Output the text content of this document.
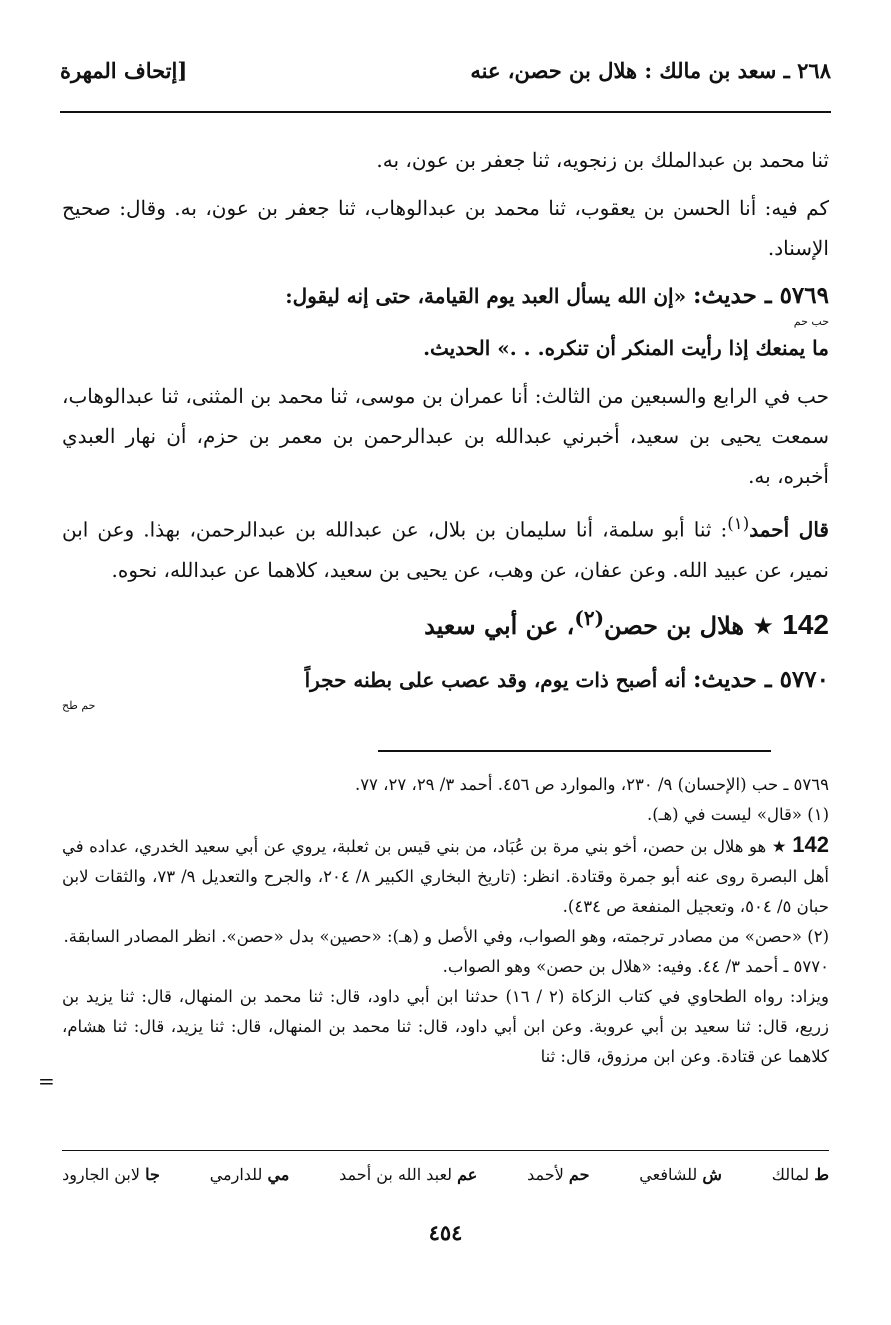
٢٦٨ ـ سعد بن مالك : هلال بن حصن، عنه
[إتحاف المهرة

ثنا محمد بن عبدالملك بن زنجويه، ثنا جعفر بن عون، به.

كم فيه: أنا الحسن بن يعقوب، ثنا محمد بن عبدالوهاب، ثنا جعفر بن عون، به. وقال: صحيح الإسناد.

٥٧٦٩ ـ حديث: «إن الله يسأل العبد يوم القيامة، حتى إنه ليقول:
حب حم
ما يمنعك إذا رأيت المنكر أن تنكره. . .» الحديث.

حب في الرابع والسبعين من الثالث: أنا عمران بن موسى، ثنا محمد بن المثنى، ثنا عبدالوهاب، سمعت يحيى بن سعيد، أخبرني عبدالله بن عبدالرحمن بن معمر بن حزم، أن نهار العبدي أخبره، به.

قال أحمد$^{(١)}$: ثنا أبو سلمة، أنا سليمان بن بلال، عن عبدالله بن عبدالرحمن، بهذا. وعن ابن نمير، عن عبيد الله. وعن عفان، عن وهب، عن يحيى بن سعيد، كلاهما عن عبدالله، نحوه.

142 ★ هلال بن حصن$^{(٢)}$، عن أبي سعيد

٥٧٧٠ ـ حديث: أنه أصبح ذات يوم، وقد عصب على بطنه حجراً
حم طح

٥٧٦٩ ـ حب (الإحسان) ٩/ ٢٣٠، والموارد ص ٤٥٦. أحمد ٣/ ٢٩، ٢٧، ٧٧.

(١) «قال» ليست في (هـ).

142 ★ هو هلال بن حصن، أخو بني مرة بن عُبَاد، من بني قيس بن ثعلبة، يروي عن أبي سعيد الخدري، عداده في أهل البصرة روى عنه أبو جمرة وقتادة. انظر: (تاريخ البخاري الكبير ٨/ ٢٠٤، والجرح والتعديل ٩/ ٧٣، والثقات لابن حبان ٥/ ٥٠٤، وتعجيل المنفعة ص ٤٣٤).

(٢) «حصن» من مصادر ترجمته، وهو الصواب، وفي الأصل و (هـ): «حصين» بدل «حصن». انظر المصادر السابقة.

٥٧٧٠ ـ أحمد ٣/ ٤٤. وفيه: «هلال بن حصن» وهو الصواب.

ويزاد: رواه الطحاوي في كتاب الزكاة (٢ / ١٦) حدثنا ابن أبي داود، قال: ثنا محمد بن المنهال، قال: ثنا يزيد بن زريع، قال: ثنا سعيد بن أبي عروبة. وعن ابن أبي داود، قال: ثنا محمد بن المنهال، قال: ثنا يزيد، قال: ثنا هشام، كلاهما عن قتادة. وعن ابن مرزوق، قال: ثنا

=
ط لمالك
ش للشافعي
حم لأحمد
عم لعبد الله بن أحمد
مي للدارمي
جا لابن الجارود
٤٥٤
